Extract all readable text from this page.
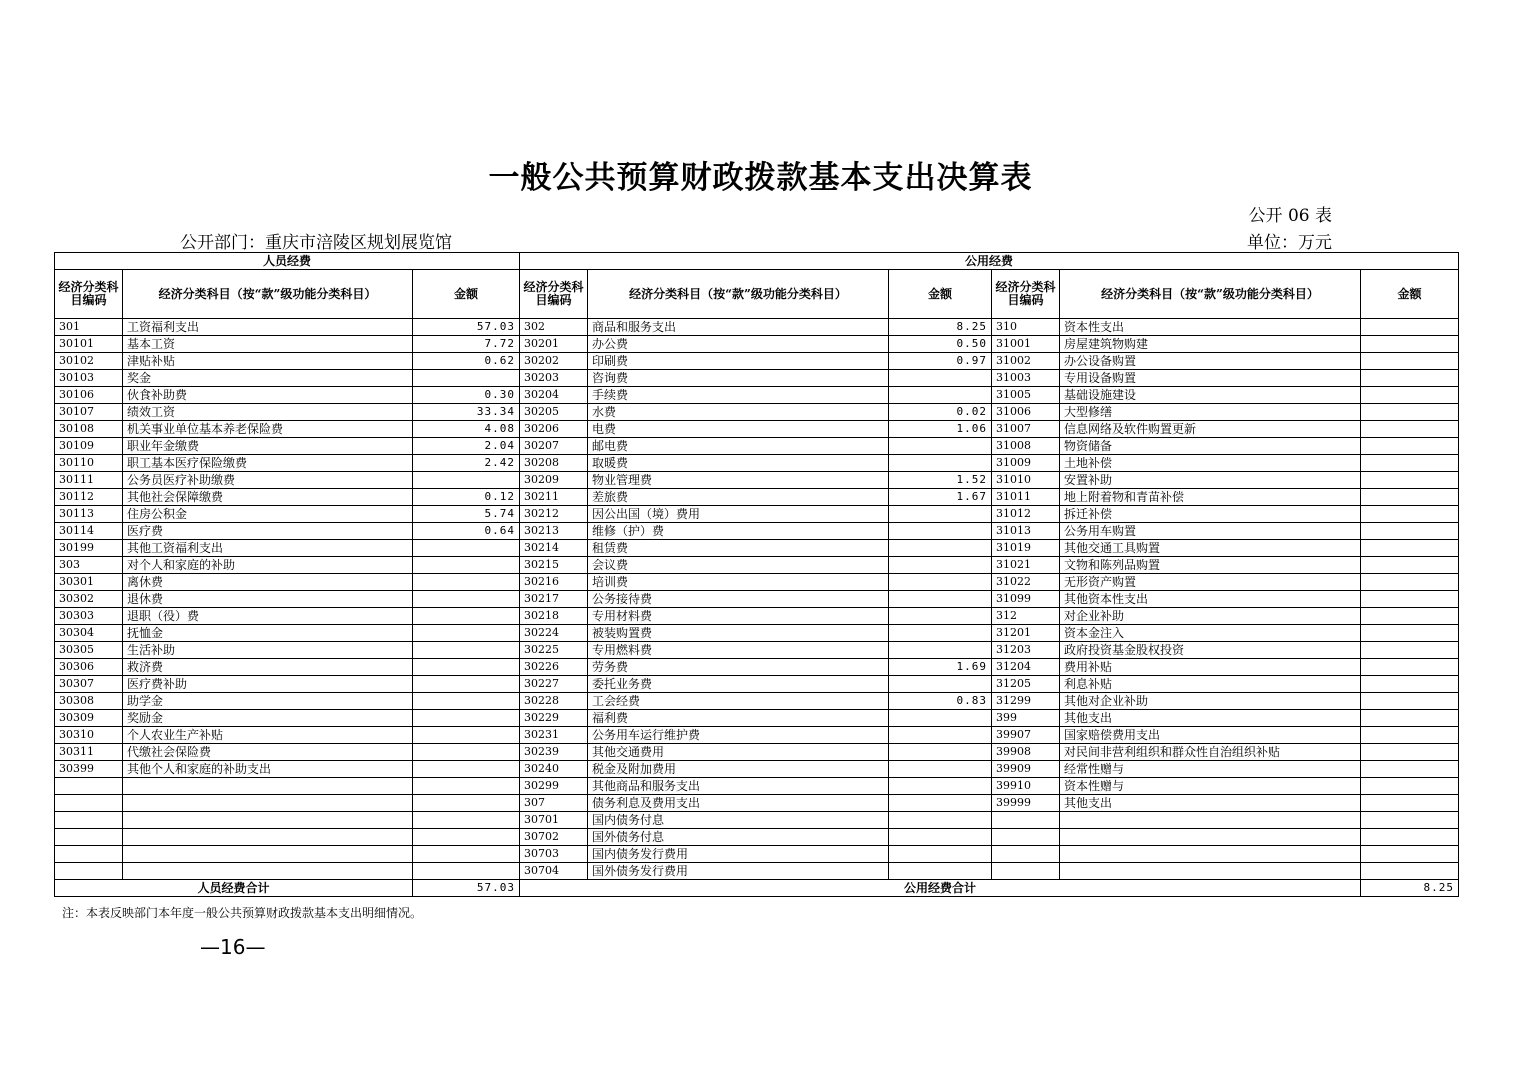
一般公共预算财政拨款基本支出决算表
公开 06 表
公开部门：重庆市涪陵区规划展览馆	单位：万元
人员经费			公用经费					
经济分类科目编码	经济分类科目（按“款”级功能分类科目）	金额	经济分类科目编码	经济分类科目（按“款”级功能分类科目）	金额	经济分类科目编码	经济分类科目（按“款”级功能分类科目）	金额
301	工资福利支出	57.03	302	商品和服务支出	8.25	310	资本性支出	
30101	基本工资	7.72	30201	办公费	0.50	31001	房屋建筑物购建	
30102	津贴补贴	0.62	30202	印刷费	0.97	31002	办公设备购置	
30103	奖金		30203	咨询费		31003	专用设备购置	
30106	伙食补助费	0.30	30204	手续费		31005	基础设施建设	
30107	绩效工资	33.34	30205	水费	0.02	31006	大型修缮	
30108	机关事业单位基本养老保险费	4.08	30206	电费	1.06	31007	信息网络及软件购置更新	
30109	职业年金缴费	2.04	30207	邮电费		31008	物资储备	
30110	职工基本医疗保险缴费	2.42	30208	取暖费		31009	土地补偿	
30111	公务员医疗补助缴费		30209	物业管理费	1.52	31010	安置补助	
30112	其他社会保障缴费	0.12	30211	差旅费	1.67	31011	地上附着物和青苗补偿	
30113	住房公积金	5.74	30212	因公出国（境）费用		31012	拆迁补偿	
30114	医疗费	0.64	30213	维修（护）费		31013	公务用车购置	
30199	其他工资福利支出		30214	租赁费		31019	其他交通工具购置	
303	对个人和家庭的补助		30215	会议费		31021	文物和陈列品购置	
30301	离休费		30216	培训费		31022	无形资产购置	
30302	退休费		30217	公务接待费		31099	其他资本性支出	
30303	退职（役）费		30218	专用材料费		312	对企业补助	
30304	抚恤金		30224	被装购置费		31201	资本金注入	
30305	生活补助		30225	专用燃料费		31203	政府投资基金股权投资	
30306	救济费		30226	劳务费	1.69	31204	费用补贴	
30307	医疗费补助		30227	委托业务费		31205	利息补贴	
30308	助学金		30228	工会经费	0.83	31299	其他对企业补助	
30309	奖励金		30229	福利费		399	其他支出	
30310	个人农业生产补贴		30231	公务用车运行维护费		39907	国家赔偿费用支出	
30311	代缴社会保险费		30239	其他交通费用		39908	对民间非营利组织和群众性自治组织补贴	
30399	其他个人和家庭的补助支出		30240	税金及附加费用		39909	经常性赠与	
			30299	其他商品和服务支出		39910	资本性赠与	
			307	债务利息及费用支出		39999	其他支出	
			30701	国内债务付息				
			30702	国外债务付息				
			30703	国内债务发行费用				
			30704	国外债务发行费用				
人员经费合计		57.03	公用经费合计					8.25
注：本表反映部门本年度一般公共预算财政拨款基本支出明细情况。
—16—
